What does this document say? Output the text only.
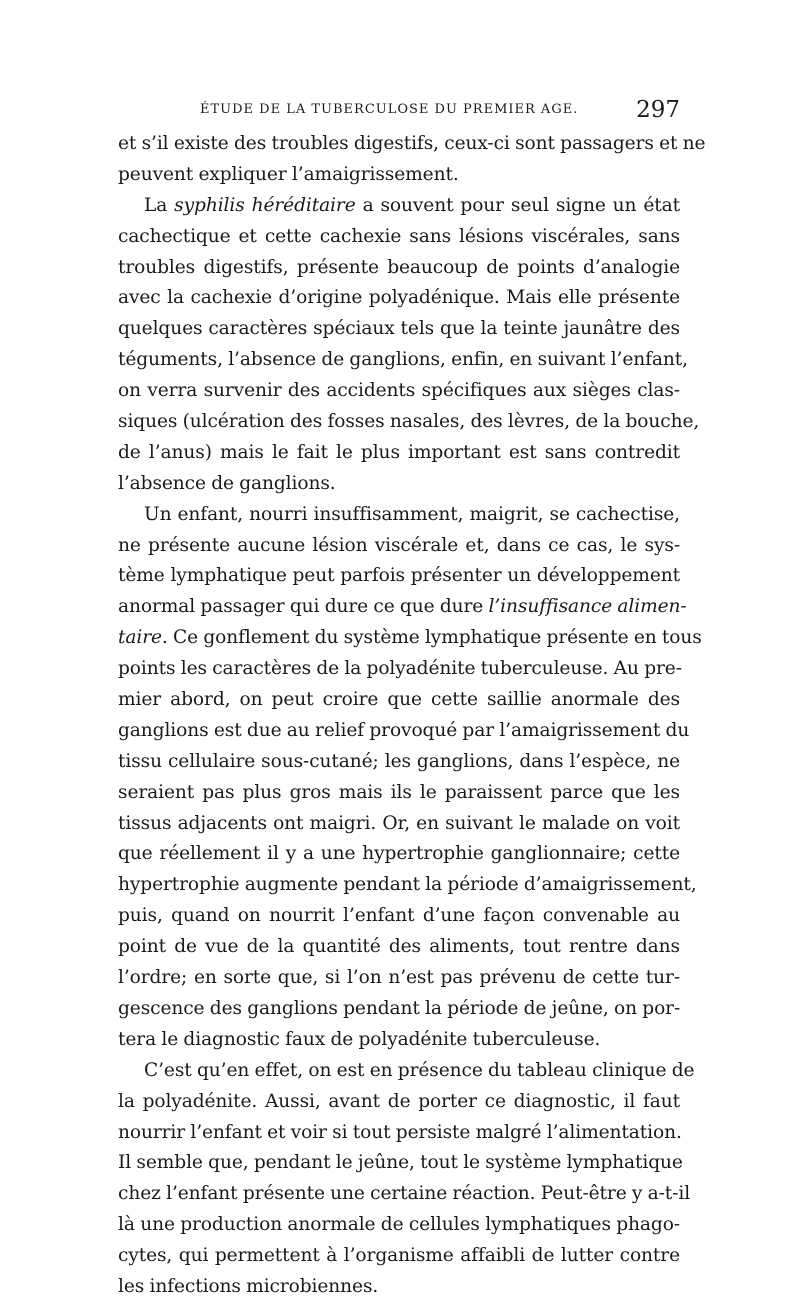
ÉTUDE DE LA TUBERCULOSE DU PREMIER AGE.	297
et s’il existe des troubles digestifs, ceux-ci sont passagers et ne
peuvent expliquer l’amaigrissement.
La syphilis héréditaire a souvent pour seul signe un état
cachectique et cette cachexie sans lésions viscérales, sans
troubles digestifs, présente beaucoup de points d’analogie
avec la cachexie d’origine polyadénique. Mais elle présente
quelques caractères spéciaux tels que la teinte jaunâtre des
téguments, l’absence de ganglions, enfin, en suivant l’enfant,
on verra survenir des accidents spécifiques aux sièges clas-
siques (ulcération des fosses nasales, des lèvres, de la bouche,
de l’anus) mais le fait le plus important est sans contredit
l’absence de ganglions.
Un enfant, nourri insuffisamment, maigrit, se cachectise,
ne présente aucune lésion viscérale et, dans ce cas, le sys-
tème lymphatique peut parfois présenter un développement
anormal passager qui dure ce que dure l’insuffisance alimen-
taire. Ce gonflement du système lymphatique présente en tous
points les caractères de la polyadénite tuberculeuse. Au pre-
mier abord, on peut croire que cette saillie anormale des
ganglions est due au relief provoqué par l’amaigrissement du
tissu cellulaire sous-cutané; les ganglions, dans l’espèce, ne
seraient pas plus gros mais ils le paraissent parce que les
tissus adjacents ont maigri. Or, en suivant le malade on voit
que réellement il y a une hypertrophie ganglionnaire; cette
hypertrophie augmente pendant la période d’amaigrissement,
puis, quand on nourrit l’enfant d’une façon convenable au
point de vue de la quantité des aliments, tout rentre dans
l’ordre; en sorte que, si l’on n’est pas prévenu de cette tur-
gescence des ganglions pendant la période de jeûne, on por-
tera le diagnostic faux de polyadénite tuberculeuse.
C’est qu’en effet, on est en présence du tableau clinique de
la polyadénite. Aussi, avant de porter ce diagnostic, il faut
nourrir l’enfant et voir si tout persiste malgré l’alimentation.
Il semble que, pendant le jeûne, tout le système lymphatique
chez l’enfant présente une certaine réaction. Peut-être y a-t-il
là une production anormale de cellules lymphatiques phago-
cytes, qui permettent à l’organisme affaibli de lutter contre
les infections microbiennes.
